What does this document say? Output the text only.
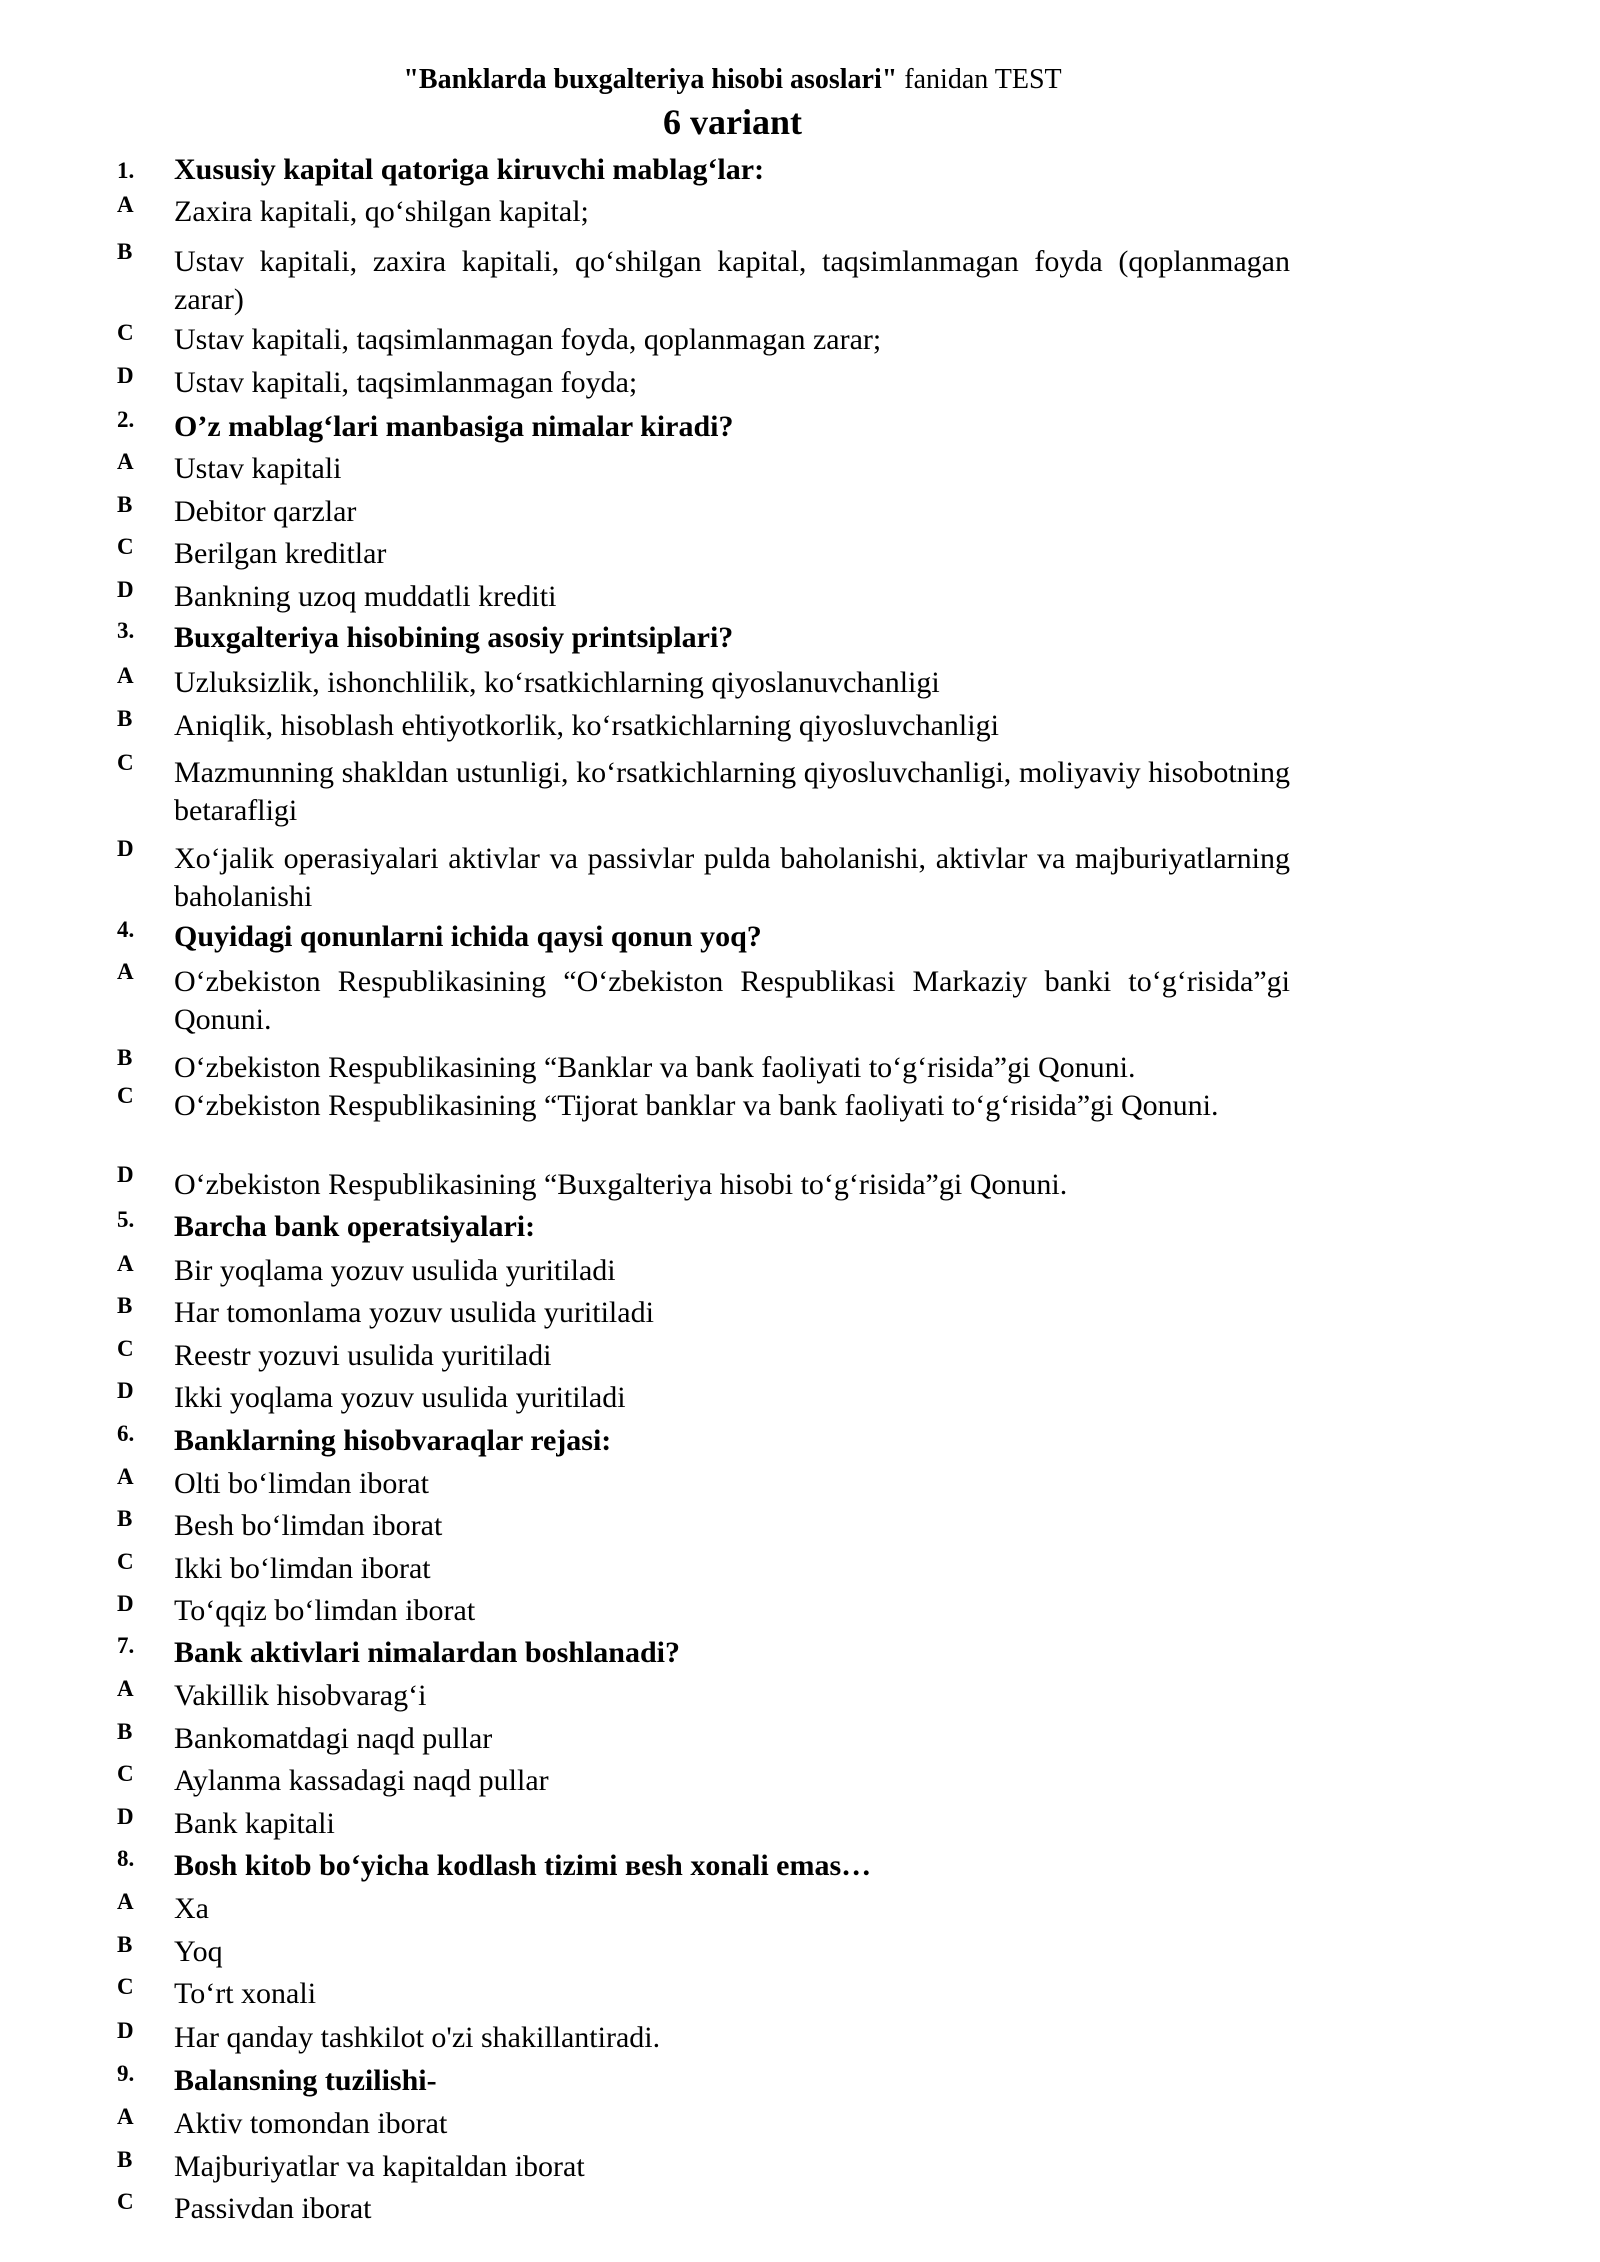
"Banklarda buxgalteriya hisobi asoslari" fanidan TEST
6 variant
1. Xususiy kapital qatoriga kiruvchi mablag‘lar:
A Zaxira kapitali, qo‘shilgan kapital;
B Ustav kapitali, zaxira kapitali, qo‘shilgan kapital, taqsimlanmagan foyda (qoplanmagan zarar)
C Ustav kapitali, taqsimlanmagan foyda, qoplanmagan zarar;
D Ustav kapitali, taqsimlanmagan foyda;
2. O’z mablag‘lari manbasiga nimalar kiradi?
A Ustav kapitali
B Debitor qarzlar
C Berilgan kreditlar
D Bankning uzoq muddatli krediti
3. Buxgalteriya hisobining asosiy printsiplari?
A Uzluksizlik, ishonchlilik, ko‘rsatkichlarning qiyoslanuvchanligi
B Aniqlik, hisoblash ehtiyotkorlik, ko‘rsatkichlarning qiyosluvchanligi
C Mazmunning shakldan ustunligi, ko‘rsatkichlarning qiyosluvchanligi, moliyaviy hisobotning betarafligi
D Xo‘jalik operasiyalari aktivlar va passivlar pulda baholanishi, aktivlar va majburiyatlarning baholanishi
4. Quyidagi qonunlarni ichida qaysi qonun yoq?
A O‘zbekiston Respublikasining “O‘zbekiston Respublikasi Markaziy banki to‘g‘risida”gi Qonuni.
B O‘zbekiston Respublikasining “Banklar va bank faoliyati to‘g‘risida”gi Qonuni.
C O‘zbekiston Respublikasining “Tijorat banklar va bank faoliyati to‘g‘risida”gi Qonuni.
D O‘zbekiston Respublikasining “Buxgalteriya hisobi to‘g‘risida”gi Qonuni.
5. Barcha bank operatsiyalari:
A Bir yoqlama yozuv usulida yuritiladi
B Har tomonlama yozuv usulida yuritiladi
C Reestr yozuvi usulida yuritiladi
D Ikki yoqlama yozuv usulida yuritiladi
6. Banklarning hisobvaraqlar rejasi:
A Olti bo‘limdan iborat
B Besh bo‘limdan iborat
C Ikki bo‘limdan iborat
D To‘qqiz bo‘limdan iborat
7. Bank aktivlari nimalardan boshlanadi?
A Vakillik hisobvarag‘i
B Bankomatdagi naqd pullar
C Aylanma kassadagi naqd pullar
D Bank kapitali
8. Bosh kitob bo‘yicha kodlash tizimi вesh xonali emas…
A Xa
B Yoq
C To‘rt xonali
D Har qanday tashkilot o'zi shakillantiradi.
9. Balansning tuzilishi-
A Aktiv tomondan iborat
B Majburiyatlar va kapitaldan iborat
C Passivdan iborat
